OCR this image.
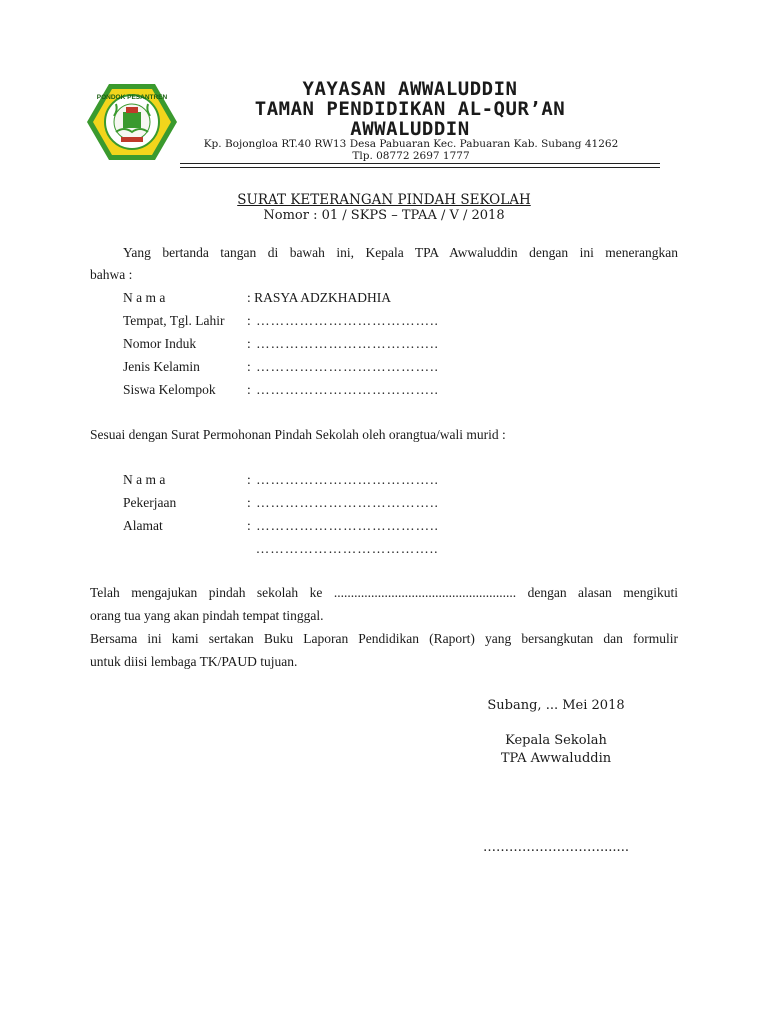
PONDOK PESANTREN	YAYASAN AWWALUDDIN
TAMAN PENDIDIKAN AL-QUR’AN
AWWALUDDIN
Kp. Bojongloa RT.40 RW13 Desa Pabuaran Kec. Pabuaran Kab. Subang 41262
Tlp. 08772 2697 1777
SURAT KETERANGAN PINDAH SEKOLAH
Nomor : 01 / SKPS – TPAA / V / 2018
Yang bertanda tangan di bawah ini, Kepala TPA Awwaluddin dengan ini menerangkan
bahwa :
N a m a	: RASYA ADZKHADHIA
Tempat, Tgl. Lahir : ………………………………..
Nomor Induk	: ………………………………..
Jenis Kelamin	: ………………………………..
Siswa Kelompok : ………………………………..
Sesuai dengan Surat Permohonan Pindah Sekolah oleh orangtua/wali murid :
N a m a	: ………………………………..
Pekerjaan	: ………………………………..
Alamat	: ………………………………..
………………………………..
Telah mengajukan pindah sekolah ke ...................................................... dengan alasan mengikuti
orang tua yang akan pindah tempat tinggal.
Bersama ini kami sertakan Buku Laporan Pendidikan (Raport) yang bersangkutan dan formulir
untuk diisi lembaga TK/PAUD tujuan.
Subang, ... Mei 2018
Kepala Sekolah
TPA Awwaluddin
……………………….......
